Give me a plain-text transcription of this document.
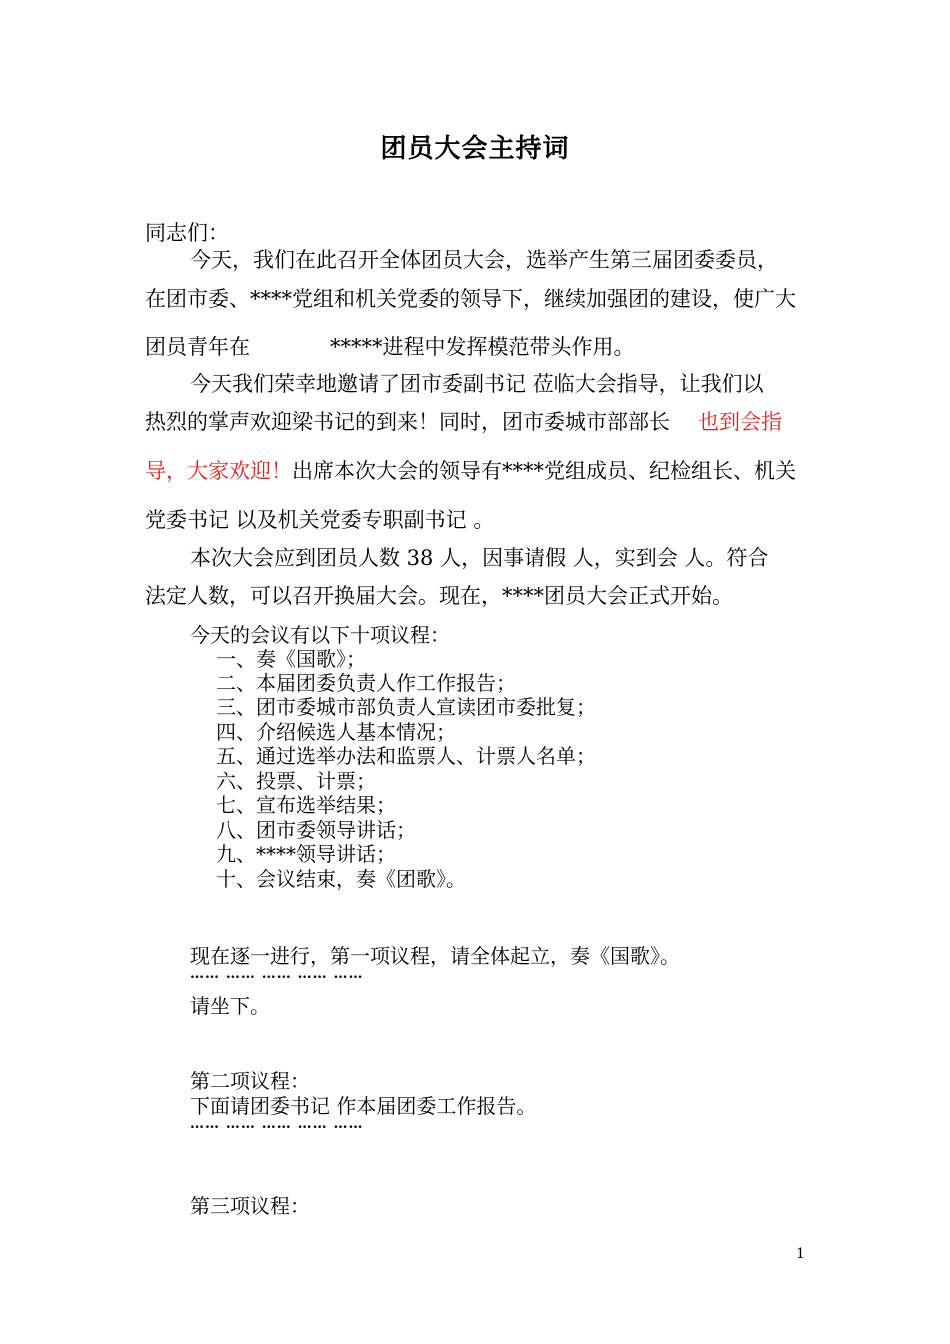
团员大会主持词
同志们：
今天，我们在此召开全体团员大会，选举产生第三届团委委员，
在团市委、****党组和机关党委的领导下，继续加强团的建设，使广大
团员青年在	*****进程中发挥模范带头作用。
今天我们荣幸地邀请了团市委副书记 莅临大会指导，让我们以
热烈的掌声欢迎梁书记的到来！同时，团市委城市部部长 也到会指
导，大家欢迎！出席本次大会的领导有****党组成员、纪检组长、机关
党委书记 以及机关党委专职副书记 。
本次大会应到团员人数 38 人，因事请假 人，实到会 人。符合
法定人数，可以召开换届大会。现在，****团员大会正式开始。
今天的会议有以下十项议程：
一、奏《国歌》；
二、本届团委负责人作工作报告；
三、团市委城市部负责人宣读团市委批复；
四、介绍候选人基本情况；
五、通过选举办法和监票人、计票人名单；
六、投票、计票；
七、宣布选举结果；
八、团市委领导讲话；
九、****领导讲话；
十、会议结束，奏《团歌》。
现在逐一进行，第一项议程，请全体起立，奏《国歌》。
…… …… …… …… ……
请坐下。
第二项议程：
下面请团委书记 作本届团委工作报告。
…… …… …… …… ……
第三项议程：
1
